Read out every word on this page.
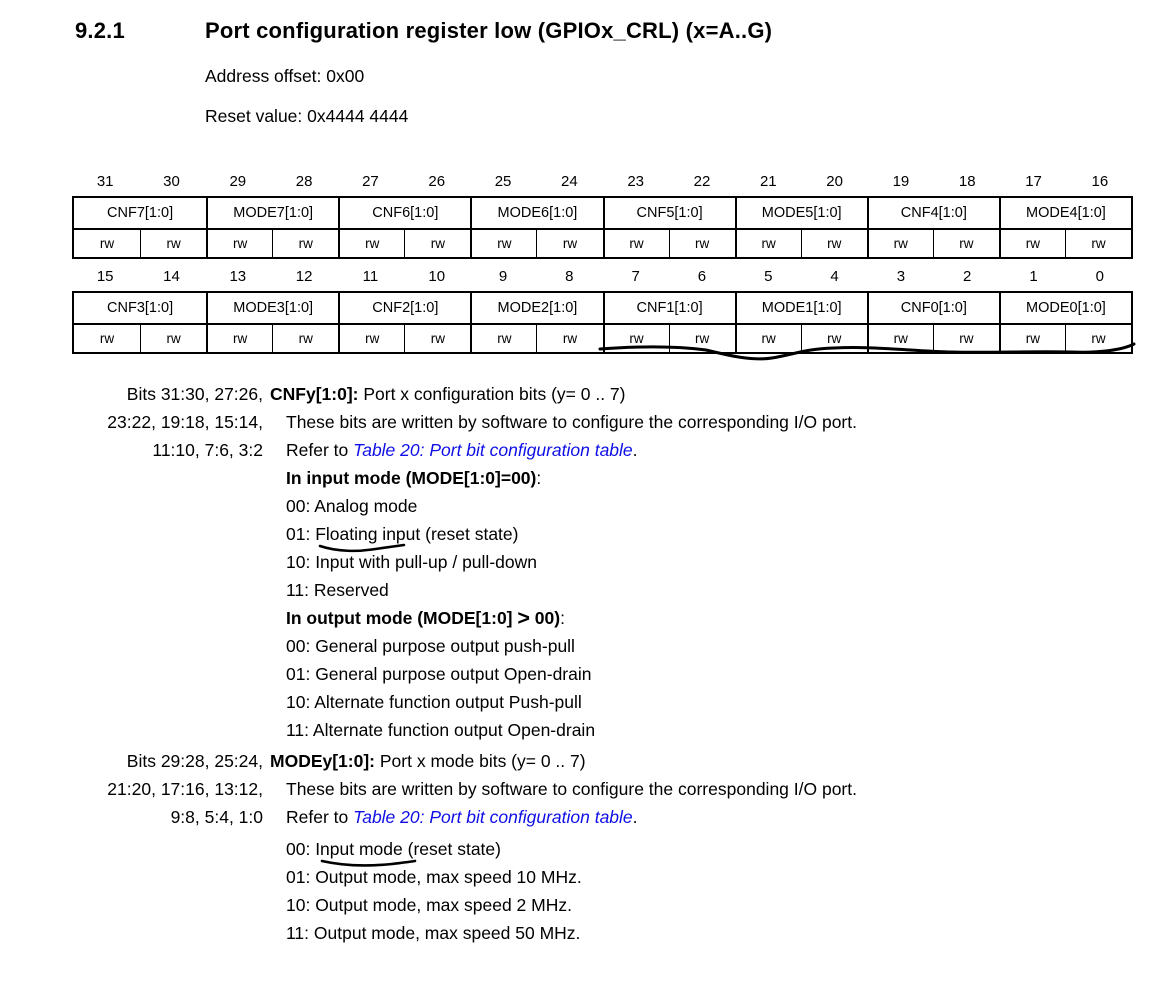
9.2.1	Port configuration register low (GPIOx_CRL) (x=A..G)
Address offset: 0x00
Reset value: 0x4444 4444
31	30	29	28	27	26	25	24	23	22	21	20	19	18	17	16
CNF7[1:0]	MODE7[1:0]	CNF6[1:0]	MODE6[1:0]	CNF5[1:0]	MODE5[1:0]	CNF4[1:0]	MODE4[1:0]
rw	rw	rw	rw	rw	rw	rw	rw	rw	rw	rw	rw	rw	rw	rw	rw
15	14	13	12	11	10	9	8	7	6	5	4	3	2	1	0
CNF3[1:0]	MODE3[1:0]	CNF2[1:0]	MODE2[1:0]	CNF1[1:0]	MODE1[1:0]	CNF0[1:0]	MODE0[1:0]
rw	rw	rw	rw	rw	rw	rw	rw	rw	rw	rw	rw	rw	rw	rw	rw
Bits 31:30, 27:26,
23:22, 19:18, 15:14,
11:10, 7:6, 3:2
CNFy[1:0]: Port x configuration bits (y= 0 .. 7)
These bits are written by software to configure the corresponding I/O port.
Refer to Table 20: Port bit configuration table.
In input mode (MODE[1:0]=00):
00: Analog mode
01: Floating input (reset state)
10: Input with pull-up / pull-down
11: Reserved
In output mode (MODE[1:0] > 00):
00: General purpose output push-pull
01: General purpose output Open-drain
10: Alternate function output Push-pull
11: Alternate function output Open-drain
Bits 29:28, 25:24,
21:20, 17:16, 13:12,
9:8, 5:4, 1:0
MODEy[1:0]: Port x mode bits (y= 0 .. 7)
These bits are written by software to configure the corresponding I/O port.
Refer to Table 20: Port bit configuration table.
00: Input mode (reset state)
01: Output mode, max speed 10 MHz.
10: Output mode, max speed 2 MHz.
11: Output mode, max speed 50 MHz.
